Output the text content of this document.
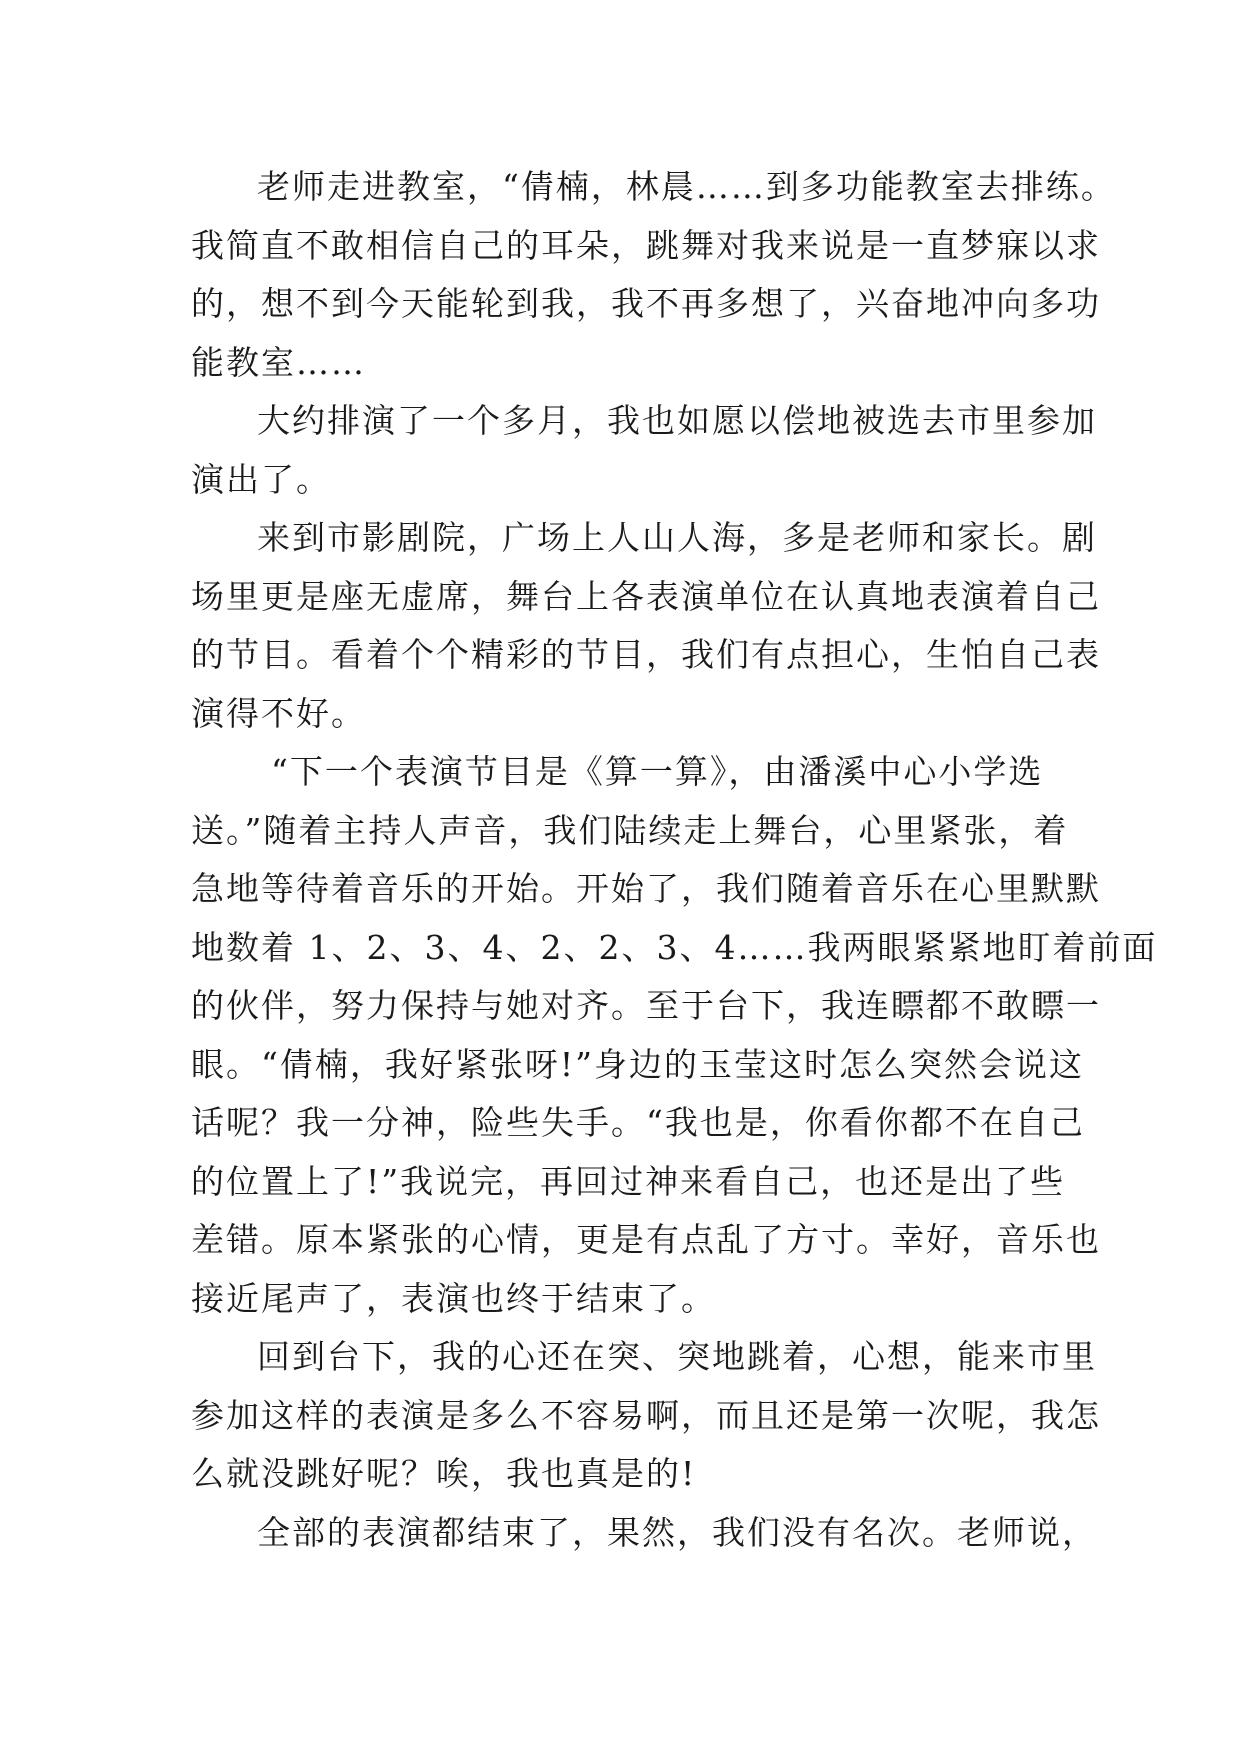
老师走进教室，“倩楠，林晨……到多功能教室去排练。
我简直不敢相信自己的耳朵，跳舞对我来说是一直梦寐以求
的，想不到今天能轮到我，我不再多想了，兴奋地冲向多功
能教室……
大约排演了一个多月，我也如愿以偿地被选去市里参加
演出了。
来到市影剧院，广场上人山人海，多是老师和家长。剧
场里更是座无虚席，舞台上各表演单位在认真地表演着自己
的节目。看着个个精彩的节目，我们有点担心，生怕自己表
演得不好。
“下一个表演节目是《算一算》，由潘溪中心小学选
送。”随着主持人声音，我们陆续走上舞台，心里紧张，着
急地等待着音乐的开始。开始了，我们随着音乐在心里默默
地数着 1、2、3、4、2、2、3、4……我两眼紧紧地盯着前面
的伙伴，努力保持与她对齐。至于台下，我连瞟都不敢瞟一
眼。“倩楠，我好紧张呀!”身边的玉莹这时怎么突然会说这
话呢？我一分神，险些失手。“我也是，你看你都不在自己
的位置上了!”我说完，再回过神来看自己，也还是出了些
差错。原本紧张的心情，更是有点乱了方寸。幸好，音乐也
接近尾声了，表演也终于结束了。
回到台下，我的心还在突、突地跳着，心想，能来市里
参加这样的表演是多么不容易啊，而且还是第一次呢，我怎
么就没跳好呢？唉，我也真是的!
全部的表演都结束了，果然，我们没有名次。老师说，
